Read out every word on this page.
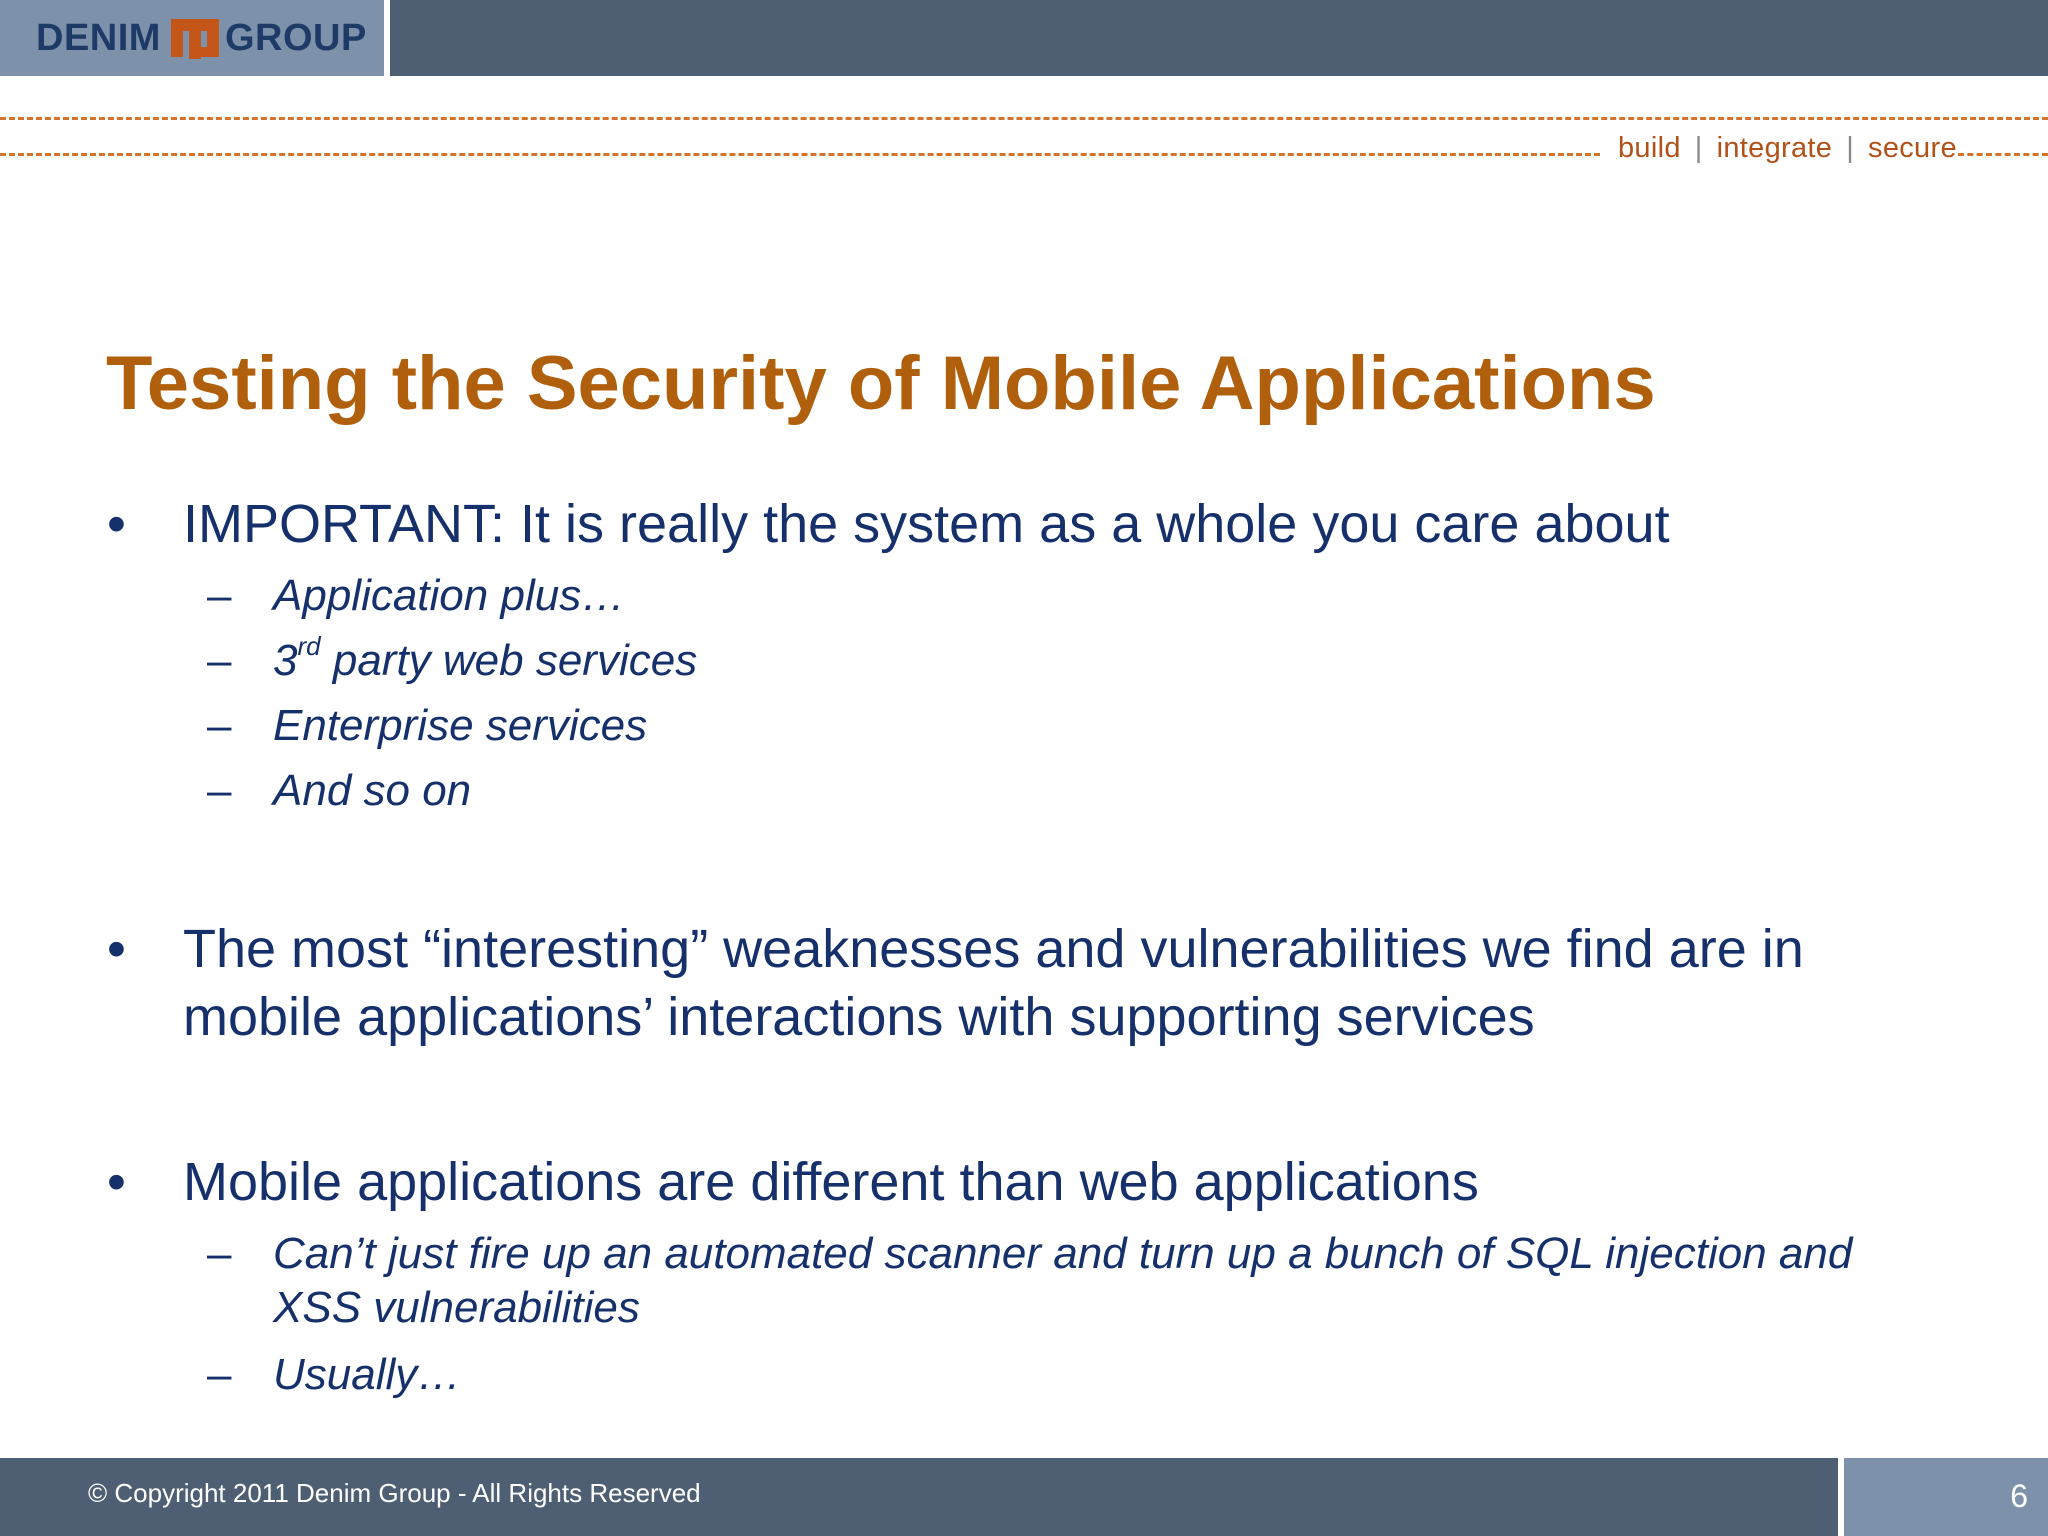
DENIM GROUP
build | integrate | secure
Testing the Security of Mobile Applications
• IMPORTANT: It is really the system as a whole you care about
– Application plus…
– 3rd party web services
– Enterprise services
– And so on
• The most “interesting” weaknesses and vulnerabilities we find are in
mobile applications’ interactions with supporting services
• Mobile applications are different than web applications
– Can’t just fire up an automated scanner and turn up a bunch of SQL injection and
XSS vulnerabilities
– Usually…
© Copyright 2011 Denim Group - All Rights Reserved	6
